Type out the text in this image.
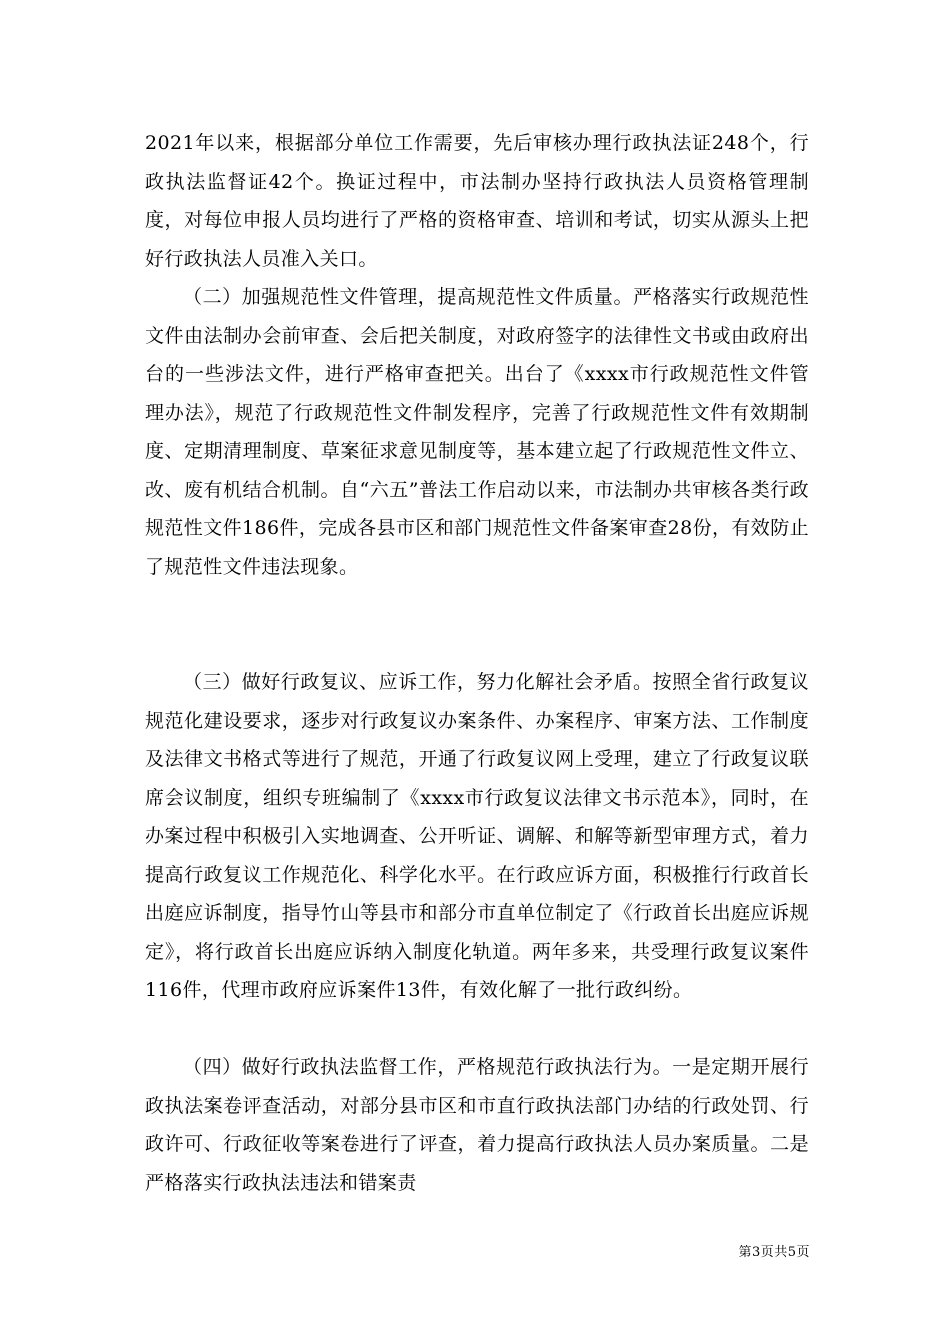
2021年以来，根据部分单位工作需要，先后审核办理行政执法证248个，行政执法监督证42个。换证过程中，市法制办坚持行政执法人员资格管理制度，对每位申报人员均进行了严格的资格审查、培训和考试，切实从源头上把好行政执法人员准入关口。

（二）加强规范性文件管理，提高规范性文件质量。严格落实行政规范性文件由法制办会前审查、会后把关制度，对政府签字的法律性文书或由政府出台的一些涉法文件，进行严格审查把关。出台了《xxxx市行政规范性文件管理办法》，规范了行政规范性文件制发程序，完善了行政规范性文件有效期制度、定期清理制度、草案征求意见制度等，基本建立起了行政规范性文件立、改、废有机结合机制。自“六五”普法工作启动以来，市法制办共审核各类行政规范性文件186件，完成各县市区和部门规范性文件备案审查28份，有效防止了规范性文件违法现象。

（三）做好行政复议、应诉工作，努力化解社会矛盾。按照全省行政复议规范化建设要求，逐步对行政复议办案条件、办案程序、审案方法、工作制度及法律文书格式等进行了规范，开通了行政复议网上受理，建立了行政复议联席会议制度，组织专班编制了《xxxx市行政复议法律文书示范本》，同时，在办案过程中积极引入实地调查、公开听证、调解、和解等新型审理方式，着力提高行政复议工作规范化、科学化水平。在行政应诉方面，积极推行行政首长出庭应诉制度，指导竹山等县市和部分市直单位制定了《行政首长出庭应诉规定》，将行政首长出庭应诉纳入制度化轨道。两年多来，共受理行政复议案件116件，代理市政府应诉案件13件，有效化解了一批行政纠纷。

（四）做好行政执法监督工作，严格规范行政执法行为。一是定期开展行政执法案卷评查活动，对部分县市区和市直行政执法部门办结的行政处罚、行政许可、行政征收等案卷进行了评查，着力提高行政执法人员办案质量。二是严格落实行政执法违法和错案责

第3页共5页
